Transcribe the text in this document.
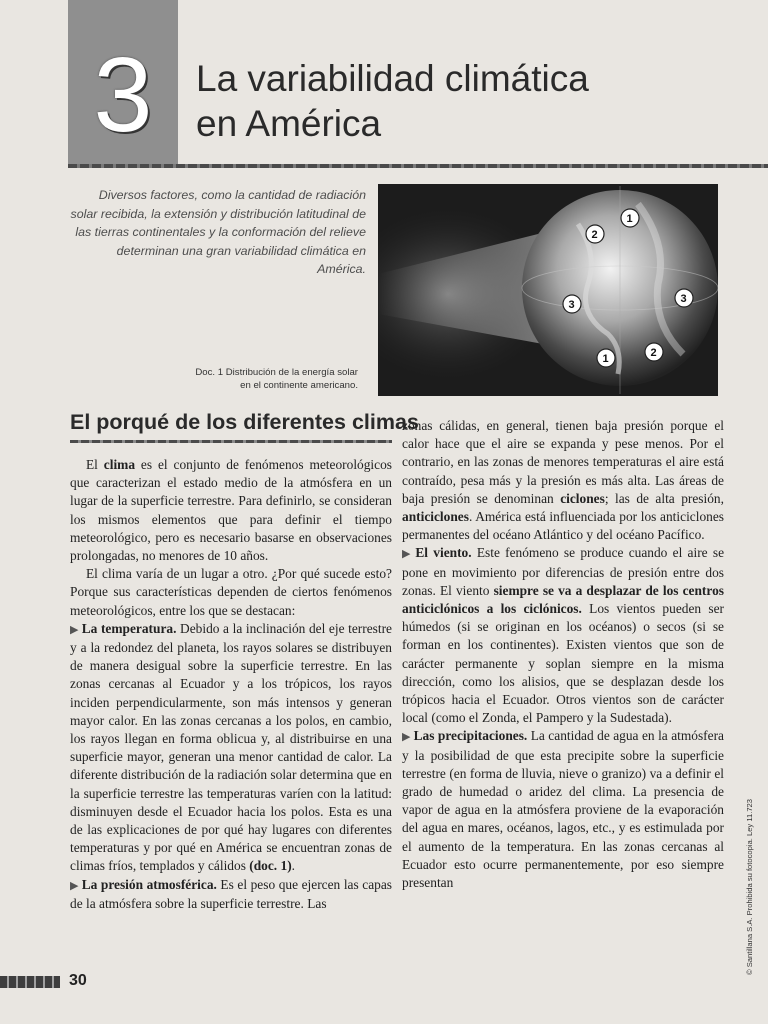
3	La variabilidad climática
en América

Diversos factores, como la cantidad de radiación solar recibida, la extensión y distribución latitudinal de las tierras continentales y la conformación del relieve determinan una gran variabilidad climática en América.

1
2
3	3
1	2

Doc. 1 Distribución de la energía solar
en el continente americano.

El porqué de los diferentes climas

El clima es el conjunto de fenómenos meteorológicos que caracterizan el estado medio de la atmósfera en un lugar de la superficie terrestre. Para definirlo, se consideran los mismos elementos que para definir el tiempo meteorológico, pero es necesario basarse en observaciones prolongadas, no menores de 10 años.

El clima varía de un lugar a otro. ¿Por qué sucede esto? Porque sus características dependen de ciertos fenómenos meteorológicos, entre los que se destacan:

▶ La temperatura. Debido a la inclinación del eje terrestre y a la redondez del planeta, los rayos solares se distribuyen de manera desigual sobre la superficie terrestre. En las zonas cercanas al Ecuador y a los trópicos, los rayos inciden perpendicularmente, son más intensos y generan mayor calor. En las zonas cercanas a los polos, en cambio, los rayos llegan en forma oblicua y, al distribuirse en una superficie mayor, generan una menor cantidad de calor. La diferente distribución de la radiación solar determina que en la superficie terrestre las temperaturas varíen con la latitud: disminuyen desde el Ecuador hacia los polos. Esta es una de las explicaciones de por qué hay lugares con diferentes temperaturas y por qué en América se encuentran zonas de climas fríos, templados y cálidos (doc. 1).

▶ La presión atmosférica. Es el peso que ejercen las capas de la atmósfera sobre la superficie terrestre. Las

zonas cálidas, en general, tienen baja presión porque el calor hace que el aire se expanda y pese menos. Por el contrario, en las zonas de menores temperaturas el aire está contraído, pesa más y la presión es más alta. Las áreas de baja presión se denominan ciclones; las de alta presión, anticiclones. América está influenciada por los anticiclones permanentes del océano Atlántico y del océano Pacífico.

▶ El viento. Este fenómeno se produce cuando el aire se pone en movimiento por diferencias de presión entre dos zonas. El viento siempre se va a desplazar de los centros anticiclónicos a los ciclónicos. Los vientos pueden ser húmedos (si se originan en los océanos) o secos (si se forman en los continentes). Existen vientos que son de carácter permanente y soplan siempre en la misma dirección, como los alisios, que se desplazan desde los trópicos hacia el Ecuador. Otros vientos son de carácter local (como el Zonda, el Pampero y la Sudestada).

▶ Las precipitaciones. La cantidad de agua en la atmósfera y la posibilidad de que esta precipite sobre la superficie terrestre (en forma de lluvia, nieve o granizo) va a definir el grado de humedad o aridez del clima. La presencia de vapor de agua en la atmósfera proviene de la evaporación del agua en mares, océanos, lagos, etc., y es estimulada por el aumento de la temperatura. En las zonas cercanas al Ecuador esto ocurre permanentemente, por eso siempre presentan

30
© Santillana S.A. Prohibida su fotocopia. Ley 11.723
